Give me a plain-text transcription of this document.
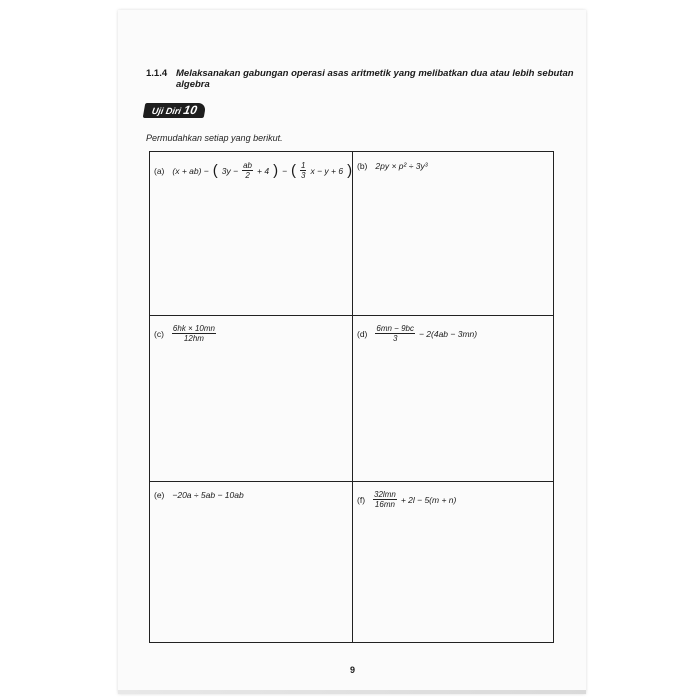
1.1.4 Melaksanakan gabungan operasi asas aritmetik yang melibatkan dua atau lebih sebutan algebra
Uji Diri 10
Permudahkan setiap yang berikut.
(a) (x + ab) − ( $3y - \frac{ab}{2} + 4$ ) − ( $\frac{1}{3}$ x − y + 6 ) (b) 2py × p² ÷ 3y³
$(c) \frac{6hk \times 10mn}{12hm}$	$(d) \frac{6mn - 9bc}{3} - 2(4ab - 3mn)$
(e) −20a ÷ 5ab − 10ab	$(f) \frac{\text{32lmn}}{16mn} + 2l - 5(m + n)$
9
